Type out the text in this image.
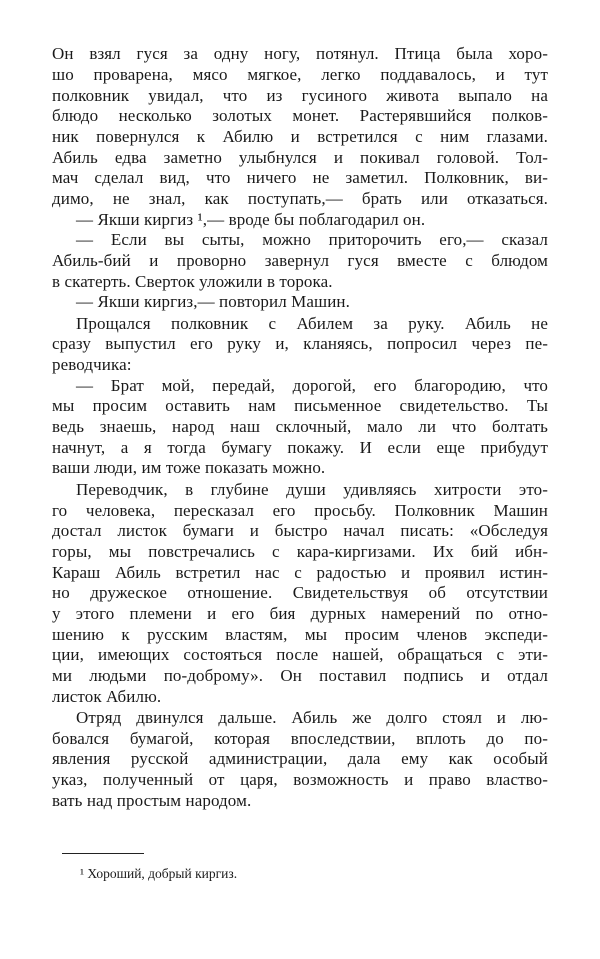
Он взял гуся за одну ногу, потянул. Птица была хоро-
шо проварена, мясо мягкое, легко поддавалось, и тут
полковник увидал, что из гусиного живота выпало на
блюдо несколько золотых монет. Растерявшийся полков-
ник повернулся к Абилю и встретился с ним глазами.
Абиль едва заметно улыбнулся и покивал головой. Тол-
мач сделал вид, что ничего не заметил. Полковник, ви-
димо, не знал, как поступать,— брать или отказаться.
— Якши киргиз ¹,— вроде бы поблагодарил он.
— Если вы сыты, можно приторочить его,— сказал
Абиль-бий и проворно завернул гуся вместе с блюдом
в скатерть. Сверток уложили в торока.
— Якши киргиз,— повторил Машин.
Прощался полковник с Абилем за руку. Абиль не
сразу выпустил его руку и, кланяясь, попросил через пе-
реводчика:
— Брат мой, передай, дорогой, его благородию, что
мы просим оставить нам письменное свидетельство. Ты
ведь знаешь, народ наш склочный, мало ли что болтать
начнут, а я тогда бумагу покажу. И если еще прибудут
ваши люди, им тоже показать можно.
Переводчик, в глубине души удивляясь хитрости это-
го человека, пересказал его просьбу. Полковник Машин
достал листок бумаги и быстро начал писать: «Обследуя
горы, мы повстречались с кара-киргизами. Их бий ибн-
Караш Абиль встретил нас с радостью и проявил истин-
но дружеское отношение. Свидетельствуя об отсутствии
у этого племени и его бия дурных намерений по отно-
шению к русским властям, мы просим членов экспеди-
ции, имеющих состояться после нашей, обращаться с эти-
ми людьми по-доброму». Он поставил подпись и отдал
листок Абилю.
Отряд двинулся дальше. Абиль же долго стоял и лю-
бовался бумагой, которая впоследствии, вплоть до по-
явления русской администрации, дала ему как особый
указ, полученный от царя, возможность и право властво-
вать над простым народом.
¹ Хороший, добрый киргиз.
